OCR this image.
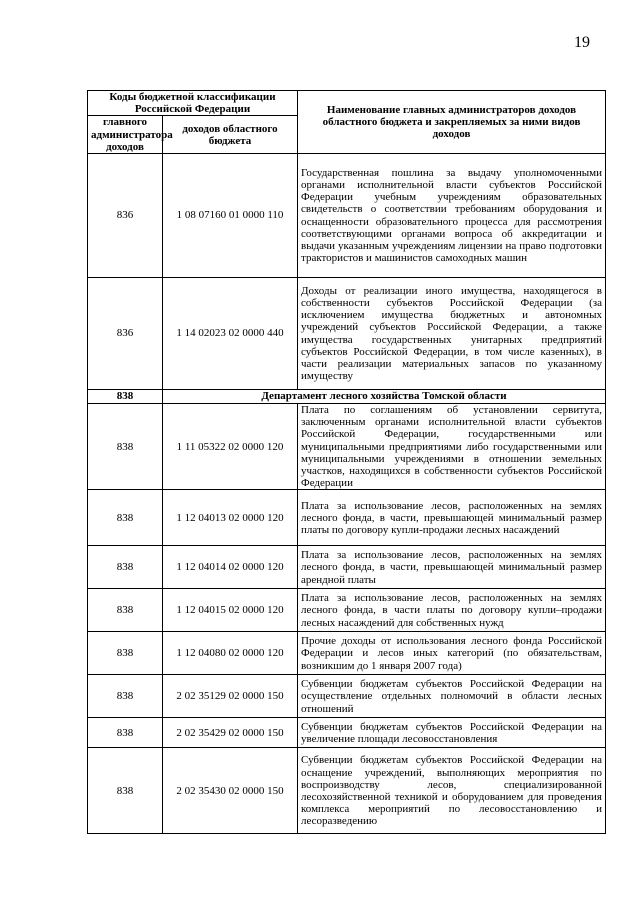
19
Коды бюджетной классификации Российской Федерации		Наименование главных администраторов доходов областного бюджета и закрепляемых за ними видов доходов
главного администратора доходов	доходов областного бюджета	
836	1 08 07160 01 0000 110	Государственная пошлина за выдачу уполномоченными органами исполнительной власти субъектов Российской Федерации учебным учреждениям образовательных свидетельств о соответствии требованиям оборудования и оснащенности образовательного процесса для рассмотрения соответствующими органами вопроса об аккредитации и выдачи указанным учреждениям лицензии на право подготовки трактористов и машинистов самоходных машин
836	1 14 02023 02 0000 440	Доходы от реализации иного имущества, находящегося в собственности субъектов Российской Федерации (за исключением имущества бюджетных и автономных учреждений субъектов Российской Федерации, а также имущества государственных унитарных предприятий субъектов Российской Федерации, в том числе казенных), в части реализации материальных запасов по указанному имуществу
838	Департамент лесного хозяйства Томской области	
838	1 11 05322 02 0000 120	Плата по соглашениям об установлении сервитута, заключенным органами исполнительной власти субъектов Российской Федерации, государственными или муниципальными предприятиями либо государственными или муниципальными учреждениями в отношении земельных участков, находящихся в собственности субъектов Российской Федерации
838	1 12 04013 02 0000 120	Плата за использование лесов, расположенных на землях лесного фонда, в части, превышающей минимальный размер платы по договору купли-продажи лесных насаждений
838	1 12 04014 02 0000 120	Плата за использование лесов, расположенных на землях лесного фонда, в части, превышающей минимальный размер арендной платы
838	1 12 04015 02 0000 120	Плата за использование лесов, расположенных на землях лесного фонда, в части платы по договору купли–продажи лесных насаждений для собственных нужд
838	1 12 04080 02 0000 120	Прочие доходы от использования лесного фонда Российской Федерации и лесов иных категорий (по обязательствам, возникшим до 1 января 2007 года)
838	2 02 35129 02 0000 150	Субвенции бюджетам субъектов Российской Федерации на осуществление отдельных полномочий в области лесных отношений
838	2 02 35429 02 0000 150	Субвенции бюджетам субъектов Российской Федерации на увеличение площади лесовосстановления
838	2 02 35430 02 0000 150	Субвенции бюджетам субъектов Российской Федерации на оснащение учреждений, выполняющих мероприятия по воспроизводству лесов, специализированной лесохозяйственной техникой и оборудованием для проведения комплекса мероприятий по лесовосстановлению и лесоразведению
